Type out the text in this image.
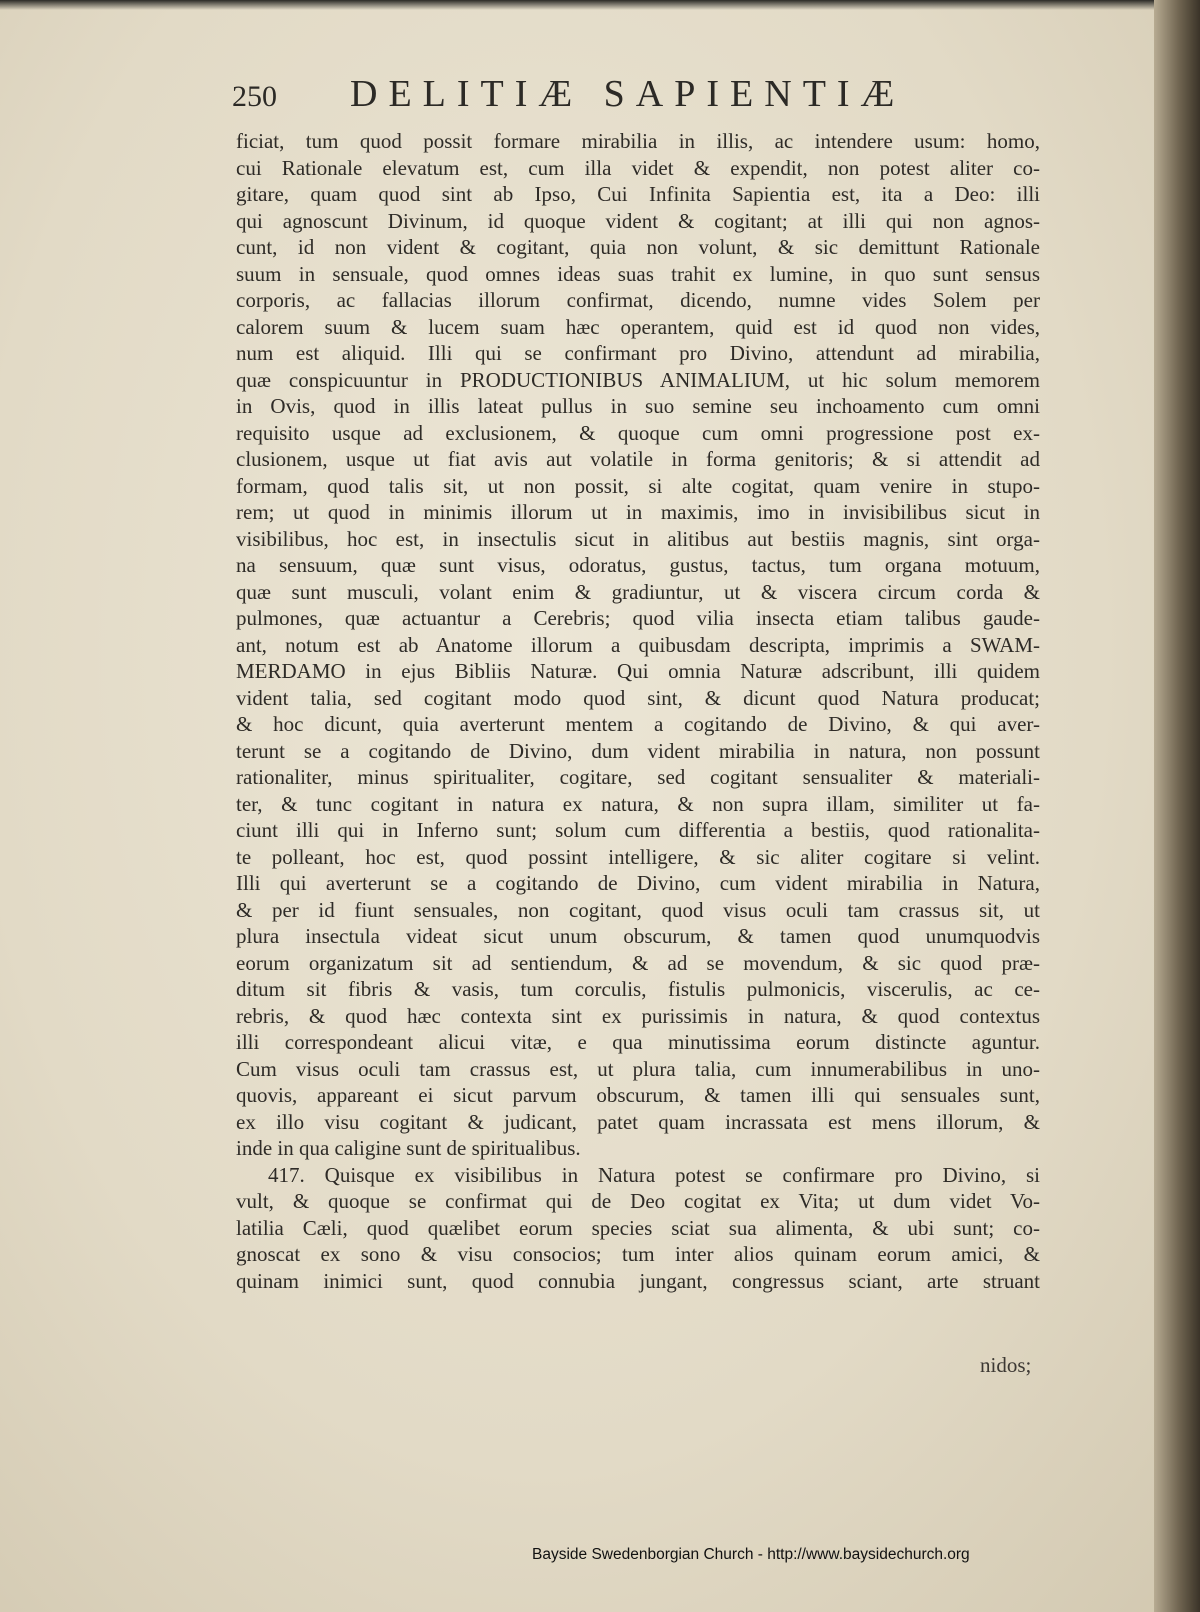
250 DELITIÆ SAPIENTIÆ
ficiat, tum quod possit formare mirabilia in illis, ac intendere usum: homo,
cui Rationale elevatum est, cum illa videt & expendit, non potest aliter co-
gitare, quam quod sint ab Ipso, Cui Infinita Sapientia est, ita a Deo: illi
qui agnoscunt Divinum, id quoque vident & cogitant; at illi qui non agnos-
cunt, id non vident & cogitant, quia non volunt, & sic demittunt Rationale
suum in sensuale, quod omnes ideas suas trahit ex lumine, in quo sunt sensus
corporis, ac fallacias illorum confirmat, dicendo, numne vides Solem per
calorem suum & lucem suam hæc operantem, quid est id quod non vides,
num est aliquid. Illi qui se confirmant pro Divino, attendunt ad mirabilia,
quæ conspicuuntur in PRODUCTIONIBUS ANIMALIUM, ut hic solum memorem
in Ovis, quod in illis lateat pullus in suo semine seu inchoamento cum omni
requisito usque ad exclusionem, & quoque cum omni progressione post ex-
clusionem, usque ut fiat avis aut volatile in forma genitoris; & si attendit ad
formam, quod talis sit, ut non possit, si alte cogitat, quam venire in stupo-
rem; ut quod in minimis illorum ut in maximis, imo in invisibilibus sicut in
visibilibus, hoc est, in insectulis sicut in alitibus aut bestiis magnis, sint orga-
na sensuum, quæ sunt visus, odoratus, gustus, tactus, tum organa motuum,
quæ sunt musculi, volant enim & gradiuntur, ut & viscera circum corda &
pulmones, quæ actuantur a Cerebris; quod vilia insecta etiam talibus gaude-
ant, notum est ab Anatome illorum a quibusdam descripta, imprimis a SWAM-
MERDAMO in ejus Bibliis Naturæ. Qui omnia Naturæ adscribunt, illi quidem
vident talia, sed cogitant modo quod sint, & dicunt quod Natura producat;
& hoc dicunt, quia averterunt mentem a cogitando de Divino, & qui aver-
terunt se a cogitando de Divino, dum vident mirabilia in natura, non possunt
rationaliter, minus spiritualiter, cogitare, sed cogitant sensualiter & materiali-
ter, & tunc cogitant in natura ex natura, & non supra illam, similiter ut fa-
ciunt illi qui in Inferno sunt; solum cum differentia a bestiis, quod rationalita-
te polleant, hoc est, quod possint intelligere, & sic aliter cogitare si velint.
Illi qui averterunt se a cogitando de Divino, cum vident mirabilia in Natura,
& per id fiunt sensuales, non cogitant, quod visus oculi tam crassus sit, ut
plura insectula videat sicut unum obscurum, & tamen quod unumquodvis
eorum organizatum sit ad sentiendum, & ad se movendum, & sic quod præ-
ditum sit fibris & vasis, tum corculis, fistulis pulmonicis, viscerulis, ac ce-
rebris, & quod hæc contexta sint ex purissimis in natura, & quod contextus
illi correspondeant alicui vitæ, e qua minutissima eorum distincte aguntur.
Cum visus oculi tam crassus est, ut plura talia, cum innumerabilibus in uno-
quovis, appareant ei sicut parvum obscurum, & tamen illi qui sensuales sunt,
ex illo visu cogitant & judicant, patet quam incrassata est mens illorum, &
inde in qua caligine sunt de spiritualibus.
417. Quisque ex visibilibus in Natura potest se confirmare pro Divino, si
vult, & quoque se confirmat qui de Deo cogitat ex Vita; ut dum videt Vo-
latilia Cæli, quod quælibet eorum species sciat sua alimenta, & ubi sunt; co-
gnoscat ex sono & visu consocios; tum inter alios quinam eorum amici, &
quinam inimici sunt, quod connubia jungant, congressus sciant, arte struant
nidos;
Bayside Swedenborgian Church - http://www.baysidechurch.org
